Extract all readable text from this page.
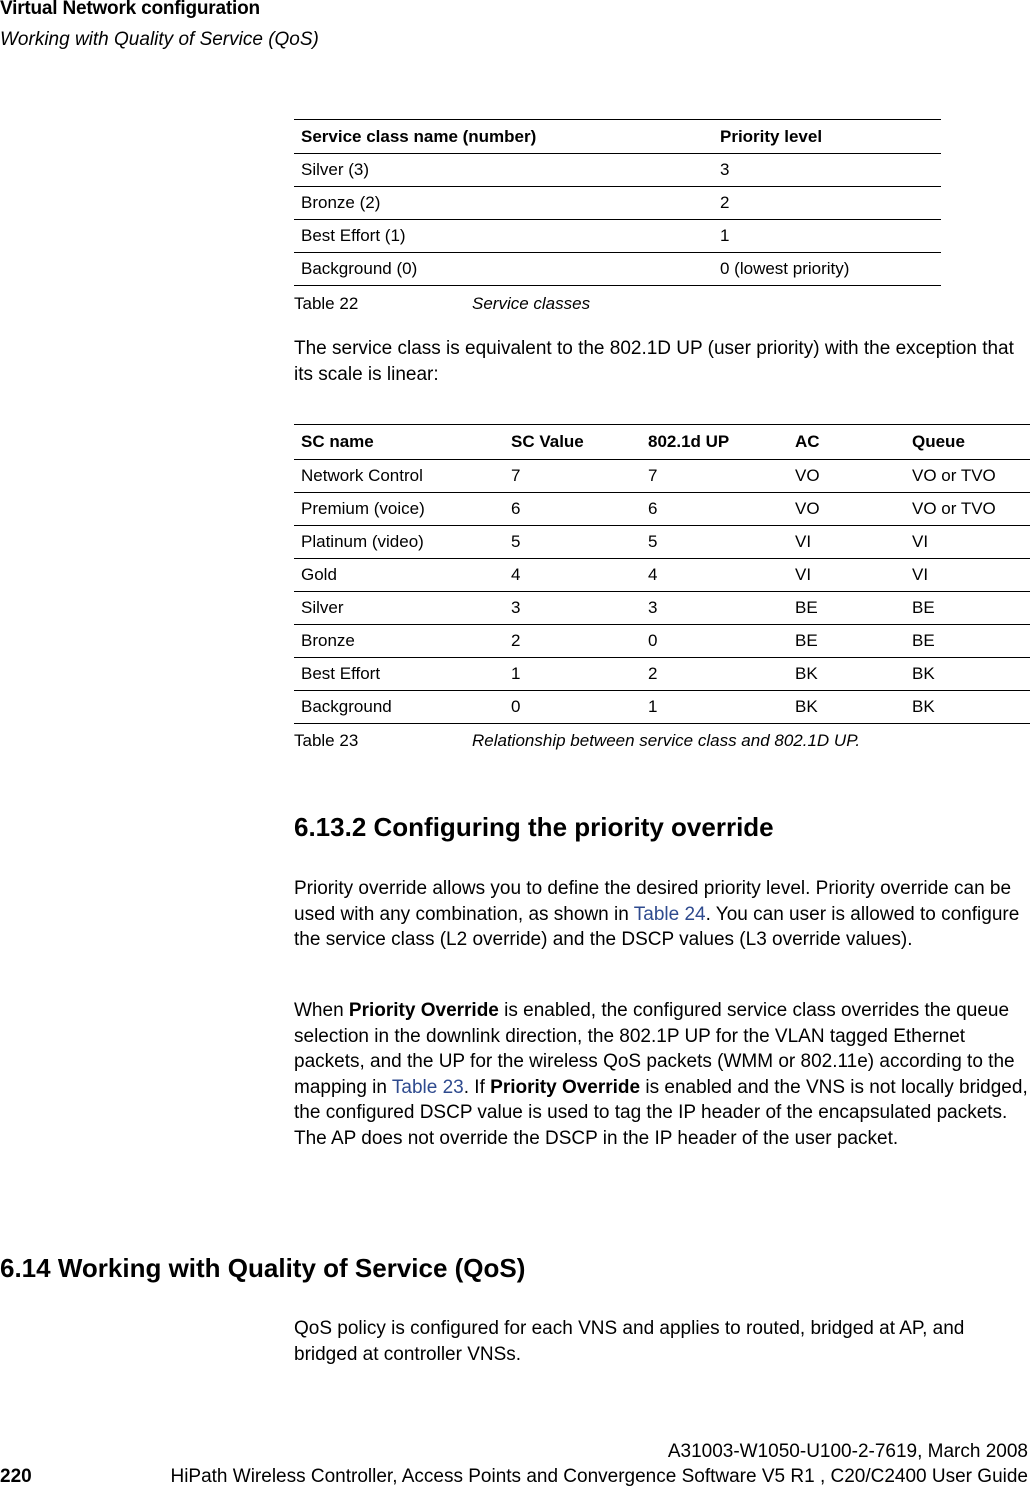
Virtual Network configuration
Working with Quality of Service (QoS)
Service class name (number)	Priority level
Silver (3)	3
Bronze (2)	2
Best Effort (1)	1
Background (0)	0 (lowest priority)
Table 22	Service classes
The service class is equivalent to the 802.1D UP (user priority) with the exception that its scale is linear:
SC name	SC Value	802.1d UP	AC	Queue
Network Control	7	7	VO	VO or TVO
Premium (voice)	6	6	VO	VO or TVO
Platinum (video)	5	5	VI	VI
Gold	4	4	VI	VI
Silver	3	3	BE	BE
Bronze	2	0	BE	BE
Best Effort	1	2	BK	BK
Background	0	1	BK	BK
Table 23	Relationship between service class and 802.1D UP.
6.13.2 Configuring the priority override
Priority override allows you to define the desired priority level. Priority override can be used with any combination, as shown in Table 24. You can user is allowed to configure the service class (L2 override) and the DSCP values (L3 override values).
When Priority Override is enabled, the configured service class overrides the queue selection in the downlink direction, the 802.1P UP for the VLAN tagged Ethernet packets, and the UP for the wireless QoS packets (WMM or 802.11e) according to the mapping in Table 23. If Priority Override is enabled and the VNS is not locally bridged, the configured DSCP value is used to tag the IP header of the encapsulated packets. The AP does not override the DSCP in the IP header of the user packet.
6.14 Working with Quality of Service (QoS)
QoS policy is configured for each VNS and applies to routed, bridged at AP, and bridged at controller VNSs.
A31003-W1050-U100-2-7619, March 2008
220	HiPath Wireless Controller, Access Points and Convergence Software V5 R1 , C20/C2400 User Guide
